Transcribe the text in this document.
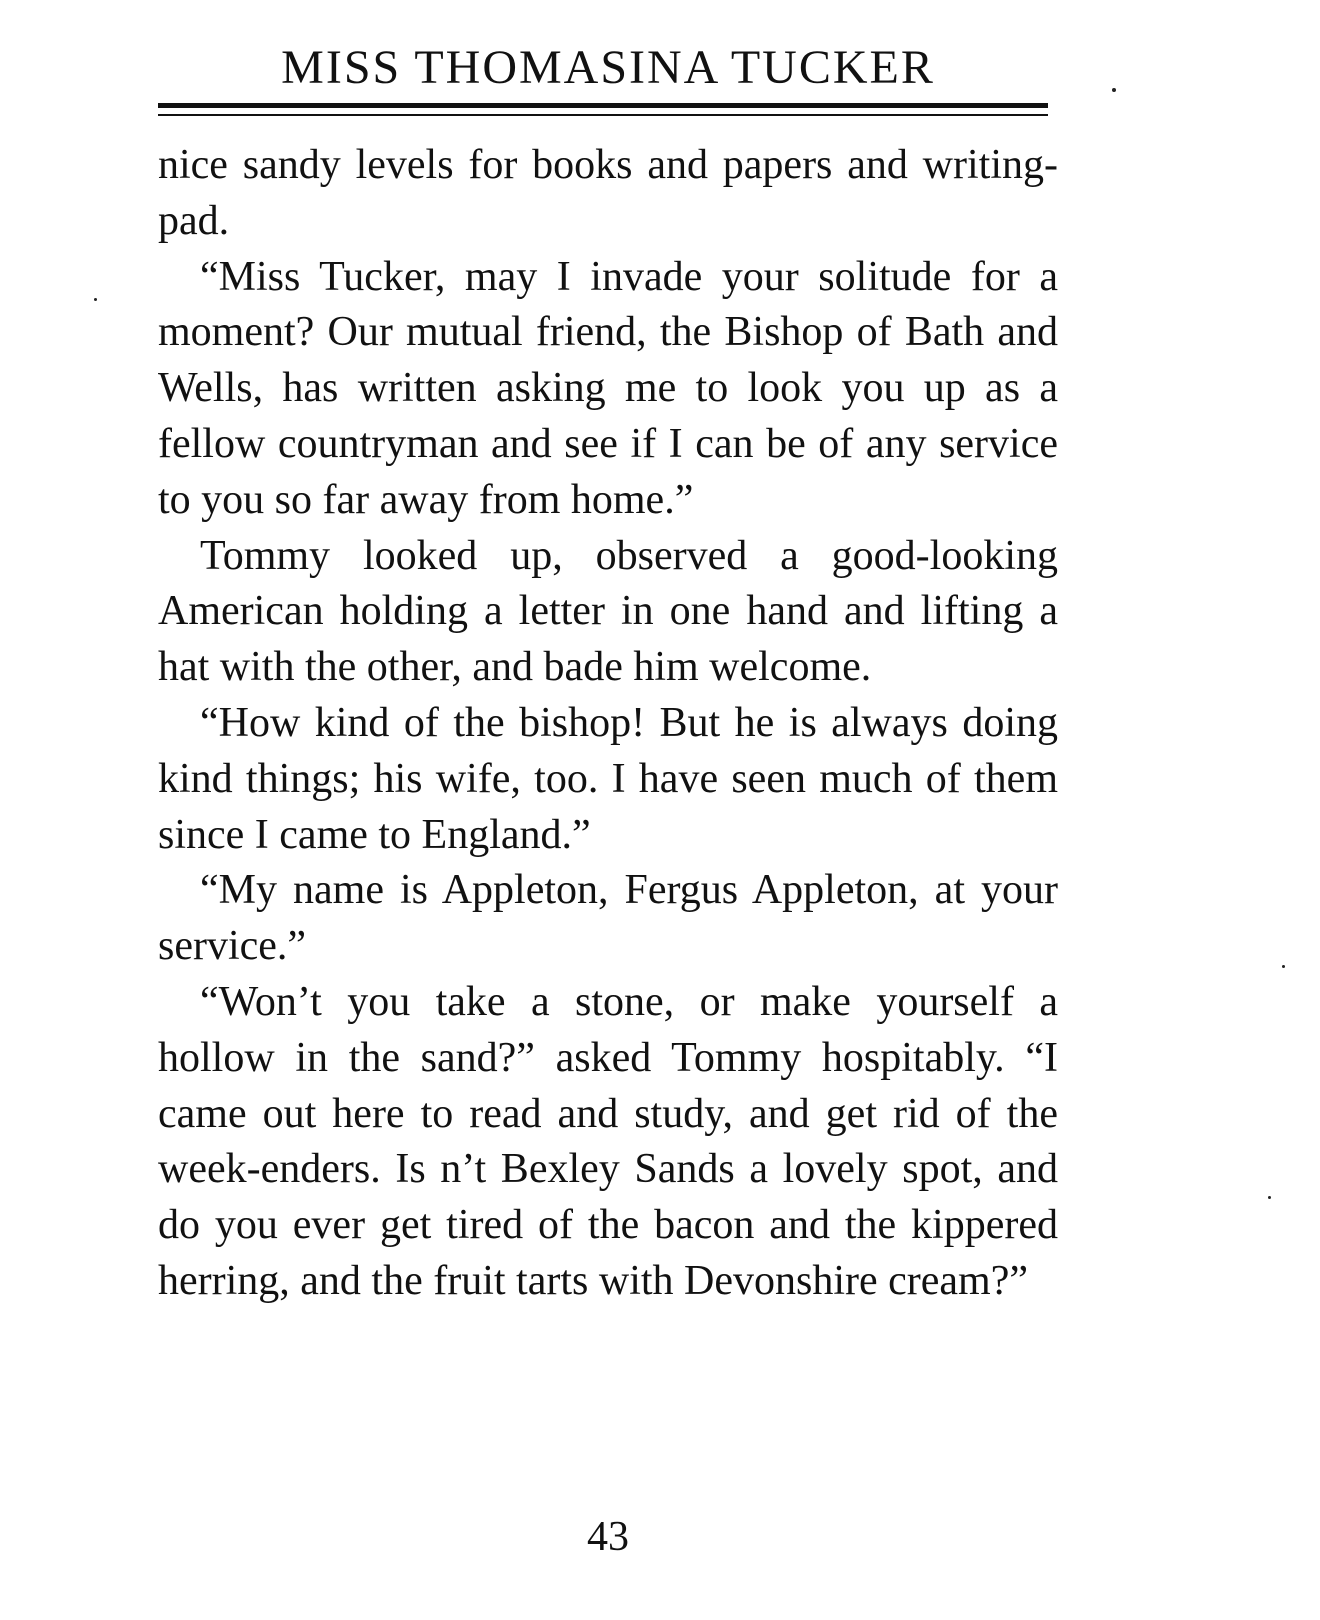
MISS THOMASINA TUCKER

nice sandy levels for books and papers and writing-pad.

“Miss Tucker, may I invade your solitude for a moment? Our mutual friend, the Bishop of Bath and Wells, has written asking me to look you up as a fellow countryman and see if I can be of any service to you so far away from home.”

Tommy looked up, observed a good-looking American holding a letter in one hand and lifting a hat with the other, and bade him welcome.

“How kind of the bishop! But he is always doing kind things; his wife, too. I have seen much of them since I came to England.”

“My name is Appleton, Fergus Appleton, at your service.”

“Won’t you take a stone, or make yourself a hollow in the sand?” asked Tommy hospitably. “I came out here to read and study, and get rid of the week-enders. Is n’t Bexley Sands a lovely spot, and do you ever get tired of the bacon and the kippered herring, and the fruit tarts with Devonshire cream?”

43
